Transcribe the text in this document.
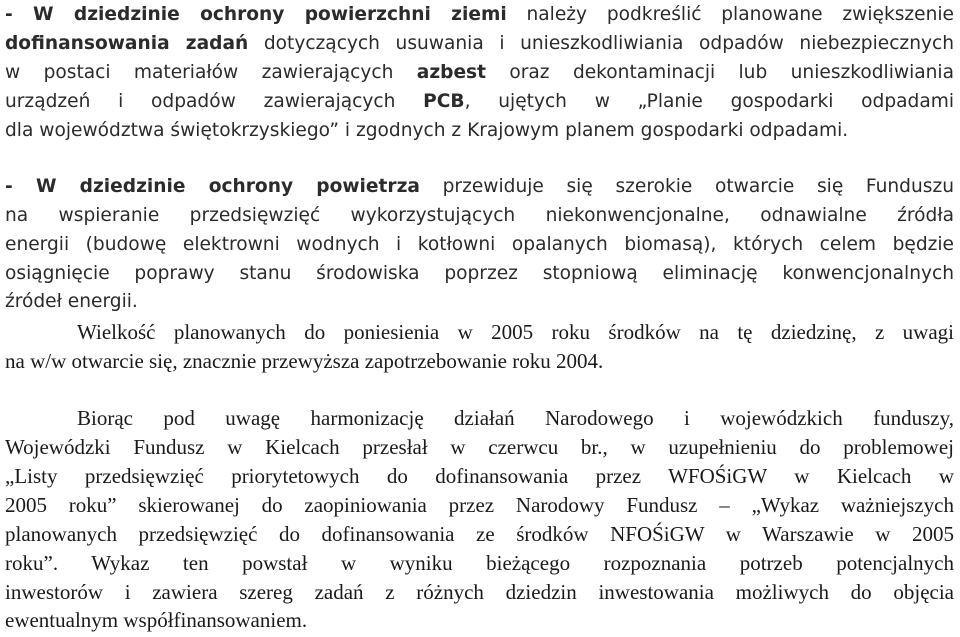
- W dziedzinie ochrony powierzchni ziemi należy podkreślić planowane zwiększenie
dofinansowania zadań dotyczących usuwania i unieszkodliwiania odpadów niebezpiecznych
w postaci materiałów zawierających azbest oraz dekontaminacji lub unieszkodliwiania
urządzeń i odpadów zawierających PCB, ujętych w „Planie gospodarki odpadami
dla województwa świętokrzyskiego” i zgodnych z Krajowym planem gospodarki odpadami.
- W dziedzinie ochrony powietrza przewiduje się szerokie otwarcie się Funduszu
na wspieranie przedsięwzięć wykorzystujących niekonwencjonalne, odnawialne źródła
energii (budowę elektrowni wodnych i kotłowni opalanych biomasą), których celem będzie
osiągnięcie poprawy stanu środowiska poprzez stopniową eliminację konwencjonalnych
źródeł energii.
Wielkość planowanych do poniesienia w 2005 roku środków na tę dziedzinę, z uwagi
na w/w otwarcie się, znacznie przewyższa zapotrzebowanie roku 2004.
Biorąc pod uwagę harmonizację działań Narodowego i wojewódzkich funduszy,
Wojewódzki Fundusz w Kielcach przesłał w czerwcu br., w uzupełnieniu do problemowej
„Listy przedsięwzięć priorytetowych do dofinansowania przez WFOŚiGW w Kielcach w
2005 roku” skierowanej do zaopiniowania przez Narodowy Fundusz – „Wykaz ważniejszych
planowanych przedsięwzięć do dofinansowania ze środków NFOŚiGW w Warszawie w 2005
roku”. Wykaz ten powstał w wyniku bieżącego rozpoznania potrzeb potencjalnych
inwestorów i zawiera szereg zadań z różnych dziedzin inwestowania możliwych do objęcia
ewentualnym współfinansowaniem.
